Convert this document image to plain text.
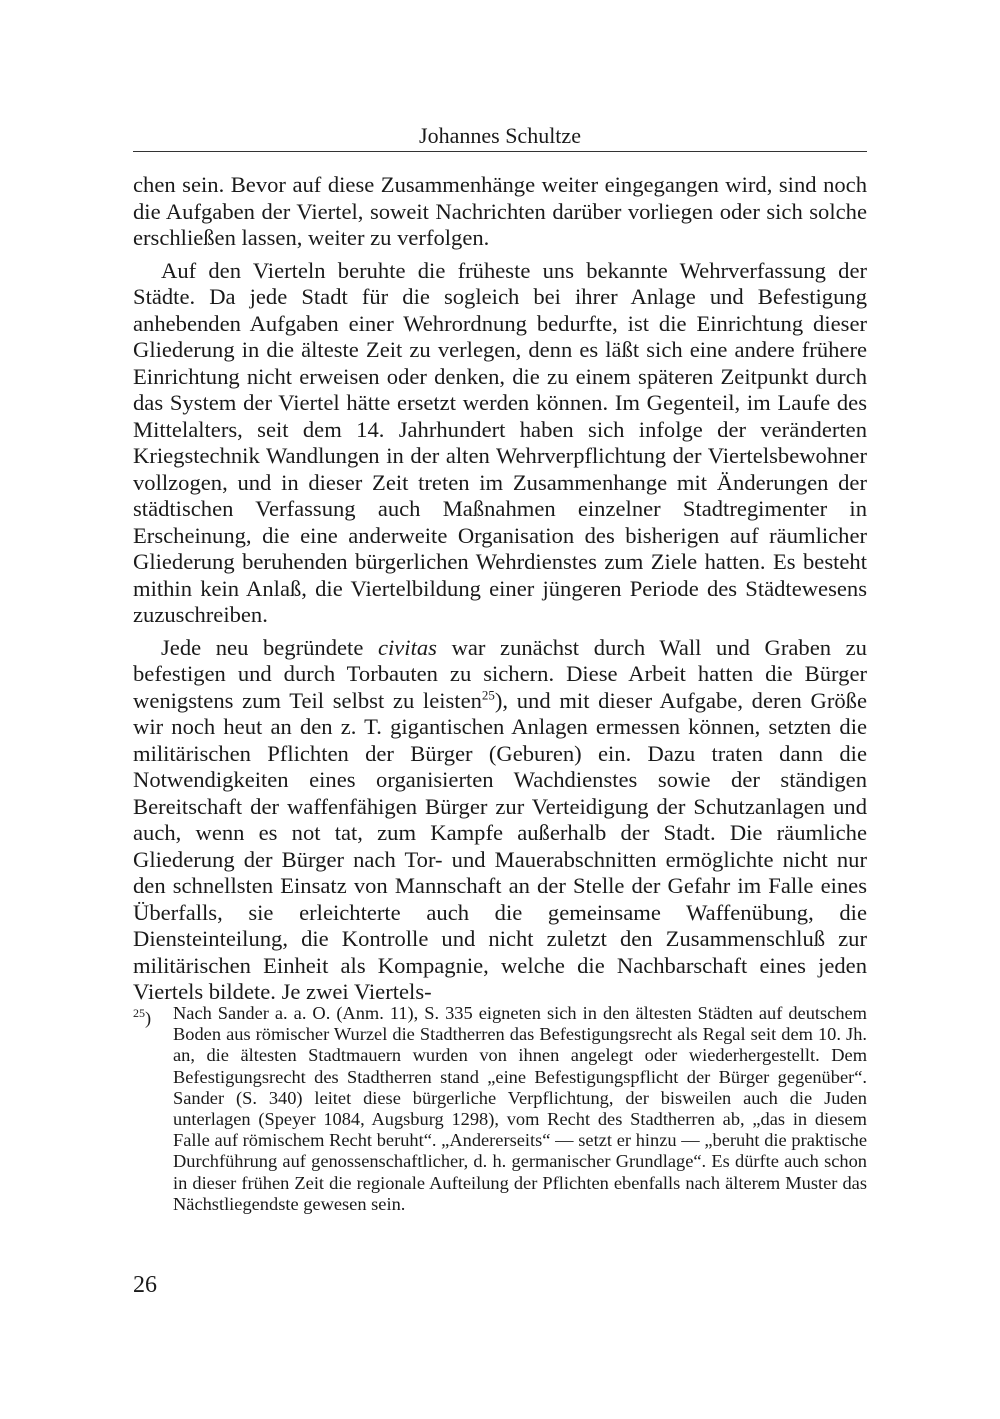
Johannes Schultze

chen sein. Bevor auf diese Zusammenhänge weiter eingegangen wird, sind noch die Aufgaben der Viertel, soweit Nachrichten darüber vorliegen oder sich solche erschließen lassen, weiter zu verfolgen.

Auf den Vierteln beruhte die früheste uns bekannte Wehrverfassung der Städte. Da jede Stadt für die sogleich bei ihrer Anlage und Befestigung anhebenden Aufgaben einer Wehrordnung bedurfte, ist die Einrichtung dieser Gliederung in die älteste Zeit zu verlegen, denn es läßt sich eine andere frühere Einrichtung nicht erweisen oder denken, die zu einem späteren Zeitpunkt durch das System der Viertel hätte ersetzt werden können. Im Gegenteil, im Laufe des Mittelalters, seit dem 14. Jahrhundert haben sich infolge der veränderten Kriegstechnik Wandlungen in der alten Wehrverpflichtung der Viertelsbewohner vollzogen, und in dieser Zeit treten im Zusammenhange mit Änderungen der städtischen Verfassung auch Maßnahmen einzelner Stadtregimenter in Erscheinung, die eine anderweite Organisation des bisherigen auf räumlicher Gliederung beruhenden bürgerlichen Wehrdienstes zum Ziele hatten. Es besteht mithin kein Anlaß, die Viertelbildung einer jüngeren Periode des Städtewesens zuzuschreiben.

Jede neu begründete civitas war zunächst durch Wall und Graben zu befestigen und durch Torbauten zu sichern. Diese Arbeit hatten die Bürger wenigstens zum Teil selbst zu leisten$^{25}$), und mit dieser Aufgabe, deren Größe wir noch heut an den z. T. gigantischen Anlagen ermessen können, setzten die militärischen Pflichten der Bürger (Geburen) ein. Dazu traten dann die Notwendigkeiten eines organisierten Wachdienstes sowie der ständigen Bereitschaft der waffenfähigen Bürger zur Verteidigung der Schutzanlagen und auch, wenn es not tat, zum Kampfe außerhalb der Stadt. Die räumliche Gliederung der Bürger nach Tor- und Mauerabschnitten ermöglichte nicht nur den schnellsten Einsatz von Mannschaft an der Stelle der Gefahr im Falle eines Überfalls, sie erleichterte auch die gemeinsame Waffenübung, die Diensteinteilung, die Kontrolle und nicht zuletzt den Zusammenschluß zur militärischen Einheit als Kompagnie, welche die Nachbarschaft eines jeden Viertels bildete. Je zwei Viertels-

$^{25}$)	Nach Sander a. a. O. (Anm. 11), S. 335 eigneten sich in den ältesten Städten auf deutschem Boden aus römischer Wurzel die Stadtherren das Befestigungsrecht als Regal seit dem 10. Jh. an, die ältesten Stadtmauern wurden von ihnen angelegt oder wiederhergestellt. Dem Befestigungsrecht des Stadtherren stand „eine Befestigungspflicht der Bürger gegenüber“. Sander (S. 340) leitet diese bürgerliche Verpflichtung, der bisweilen auch die Juden unterlagen (Speyer 1084, Augsburg 1298), vom Recht des Stadtherren ab, „das in diesem Falle auf römischem Recht beruht“. „Andererseits“ — setzt er hinzu — „beruht die praktische Durchführung auf genossenschaftlicher, d. h. germanischer Grundlage“. Es dürfte auch schon in dieser frühen Zeit die regionale Aufteilung der Pflichten ebenfalls nach älterem Muster das Nächstliegendste gewesen sein.
26
